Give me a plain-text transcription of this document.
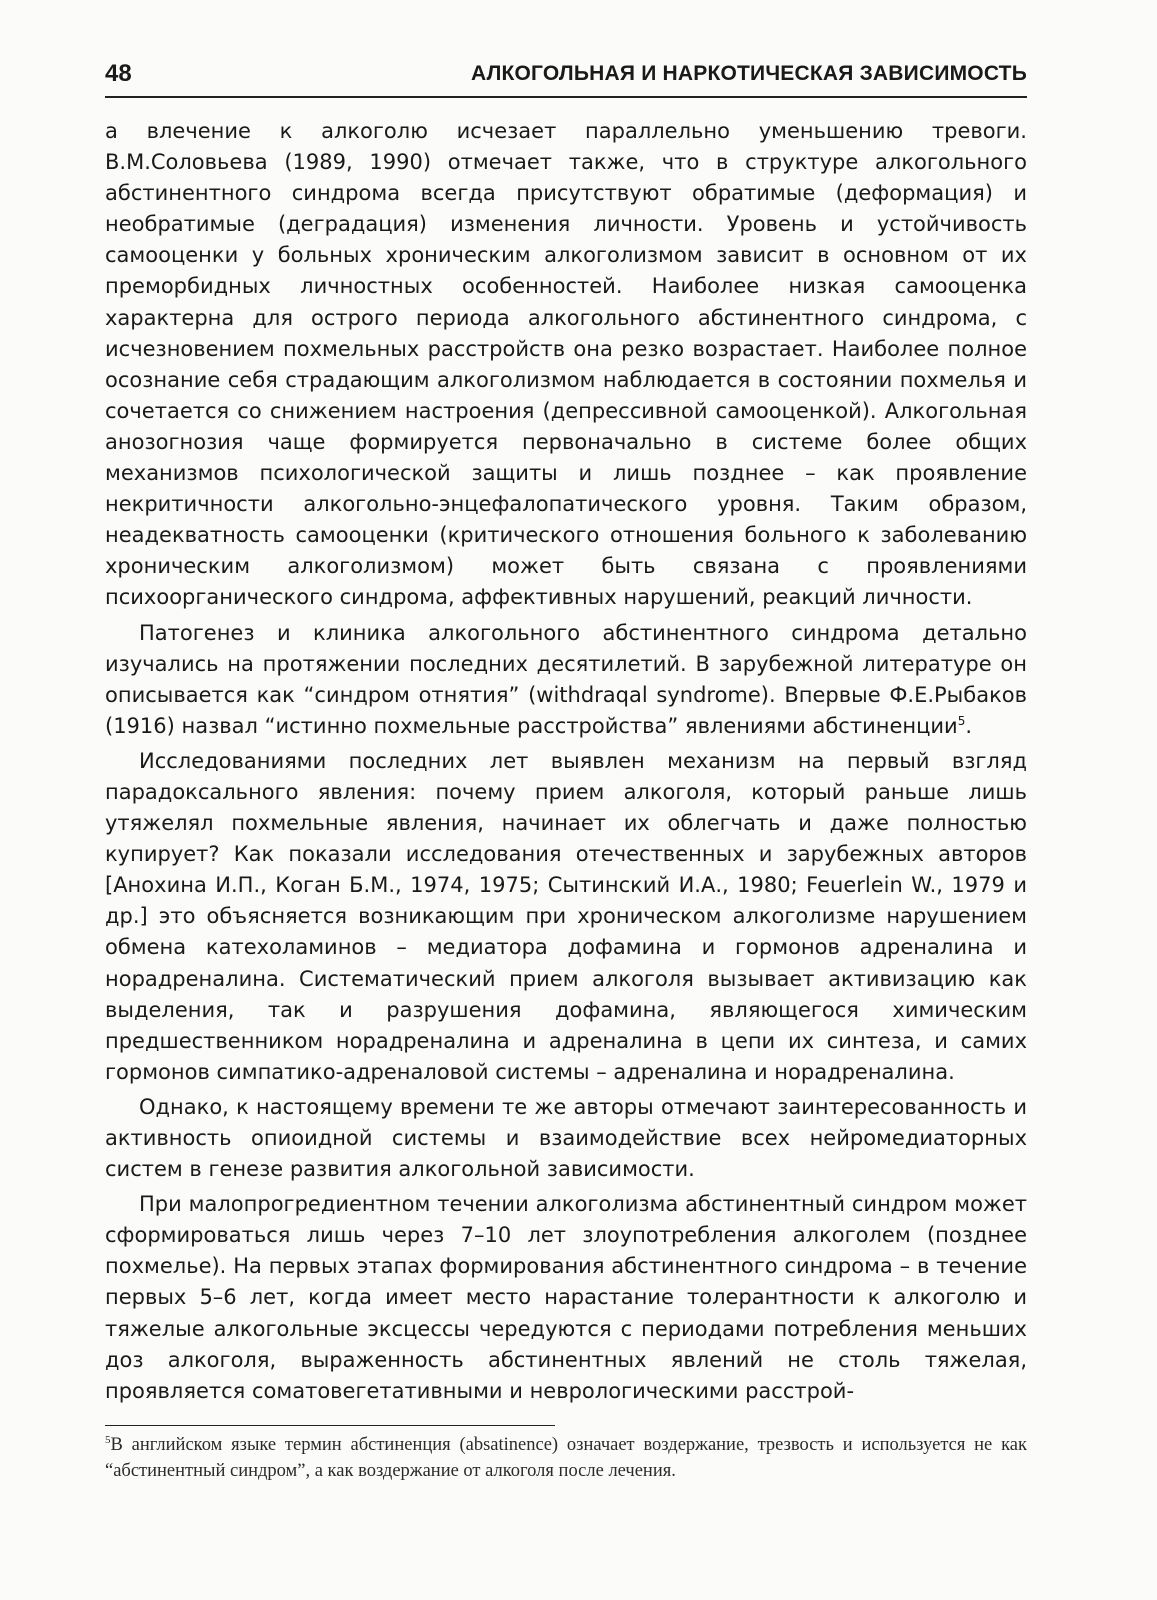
48	АЛКОГОЛЬНАЯ И НАРКОТИЧЕСКАЯ ЗАВИСИМОСТЬ

а влечение к алкоголю исчезает параллельно уменьшению тревоги. В.М.Соловьева (1989, 1990) отмечает также, что в структуре алкогольного абстинентного синдрома всегда присутствуют обратимые (деформация) и необратимые (деградация) изменения личности. Уровень и устойчивость самооценки у больных хроническим алкоголизмом зависит в основном от их преморбидных личностных особенностей. Наиболее низкая самооценка характерна для острого периода алкогольного абстинентного синдрома, с исчезновением похмельных расстройств она резко возрастает. Наиболее полное осознание себя страдающим алкоголизмом наблюдается в состоянии похмелья и сочетается со снижением настроения (депрессивной самооценкой). Алкогольная анозогнозия чаще формируется первоначально в системе более общих механизмов психологической защиты и лишь позднее – как проявление некритичности алкогольно-энцефалопатического уровня. Таким образом, неадекватность самооценки (критического отношения больного к заболеванию хроническим алкоголизмом) может быть связана с проявлениями психоорганического синдрома, аффективных нарушений, реакций личности.

Патогенез и клиника алкогольного абстинентного синдрома детально изучались на протяжении последних десятилетий. В зарубежной литературе он описывается как “синдром отнятия” (withdraqal syndrome). Впервые Ф.Е.Рыбаков (1916) назвал “истинно похмельные расстройства” явлениями абстиненции$^5$.

Исследованиями последних лет выявлен механизм на первый взгляд парадоксального явления: почему прием алкоголя, который раньше лишь утяжелял похмельные явления, начинает их облегчать и даже полностью купирует? Как показали исследования отечественных и зарубежных авторов [Анохина И.П., Коган Б.М., 1974, 1975; Сытинский И.А., 1980; Feuerlein W., 1979 и др.] это объясняется возникающим при хроническом алкоголизме нарушением обмена катехоламинов – медиатора дофамина и гормонов адреналина и норадреналина. Систематический прием алкоголя вызывает активизацию как выделения, так и разрушения дофамина, являющегося химическим предшественником норадреналина и адреналина в цепи их синтеза, и самих гормонов симпатико-адреналовой системы – адреналина и норадреналина.

Однако, к настоящему времени те же авторы отмечают заинтересованность и активность опиоидной системы и взаимодействие всех нейромедиаторных систем в генезе развития алкогольной зависимости.

При малопрогредиентном течении алкоголизма абстинентный синдром может сформироваться лишь через 7–10 лет злоупотребления алкоголем (позднее похмелье). На первых этапах формирования абстинентного синдрома – в течение первых 5–6 лет, когда имеет место нарастание толерантности к алкоголю и тяжелые алкогольные эксцессы чередуются с периодами потребления меньших доз алкоголя, выраженность абстинентных явлений не столь тяжелая, проявляется соматовегетативными и неврологическими расстрой-

$^5$В английском языке термин абстиненция (absatinence) означает воздержание, трезвость и используется не как “абстинентный синдром”, а как воздержание от алкоголя после лечения.
